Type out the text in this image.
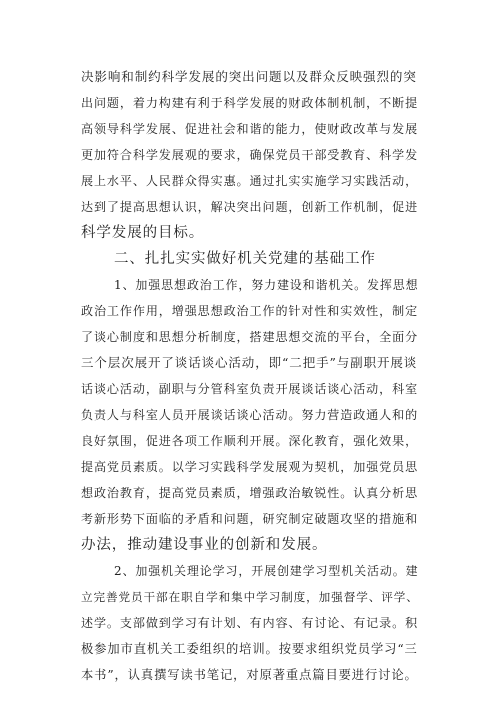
决影响和制约科学发展的突出问题以及群众反映强烈的突
出问题，着力构建有利于科学发展的财政体制机制，不断提
高领导科学发展、促进社会和谐的能力，使财政改革与发展
更加符合科学发展观的要求，确保党员干部受教育、科学发
展上水平、人民群众得实惠。通过扎实实施学习实践活动，
达到了提高思想认识，解决突出问题，创新工作机制，促进
科学发展的目标。
二、扎扎实实做好机关党建的基础工作
1、加强思想政治工作，努力建设和谐机关。发挥思想
政治工作作用，增强思想政治工作的针对性和实效性，制定
了谈心制度和思想分析制度，搭建思想交流的平台，全面分
三个层次展开了谈话谈心活动，即“二把手”与副职开展谈
话谈心活动，副职与分管科室负责开展谈话谈心活动，科室
负责人与科室人员开展谈话谈心活动。努力营造政通人和的
良好氛围，促进各项工作顺利开展。深化教育，强化效果，
提高党员素质。以学习实践科学发展观为契机，加强党员思
想政治教育，提高党员素质，增强政治敏锐性。认真分析思
考新形势下面临的矛盾和问题，研究制定破题攻坚的措施和
办法，推动建设事业的创新和发展。
2、加强机关理论学习，开展创建学习型机关活动。建
立完善党员干部在职自学和集中学习制度，加强督学、评学、
述学。支部做到学习有计划、有内容、有讨论、有记录。积
极参加市直机关工委组织的培训。按要求组织党员学习“三
本书”，认真撰写读书笔记，对原著重点篇目要进行讨论。
